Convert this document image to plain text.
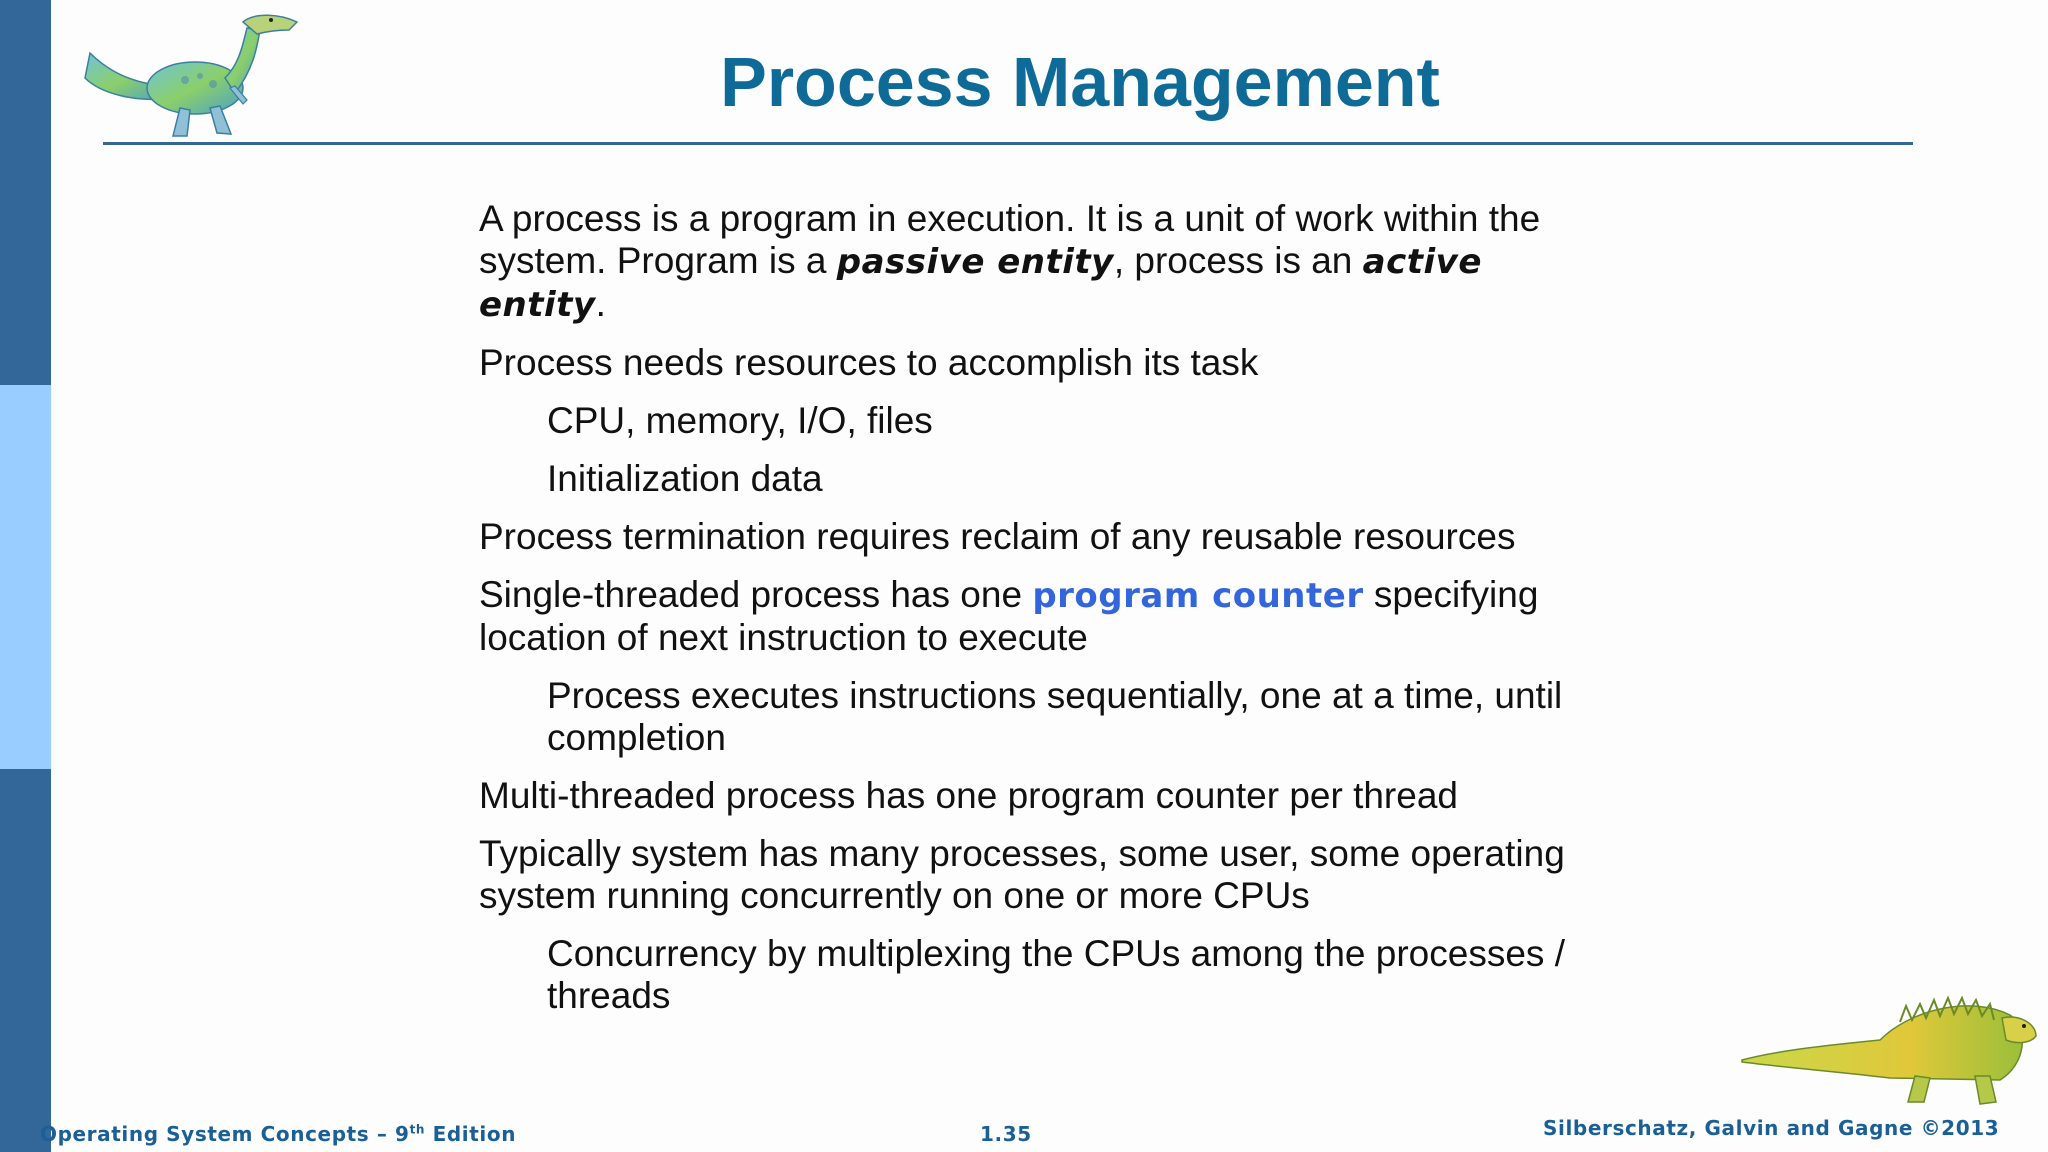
Process Management

A process is a program in execution. It is a unit of work within the system. Program is a passive entity, process is an active entity.

Process needs resources to accomplish its task

CPU, memory, I/O, files

Initialization data

Process termination requires reclaim of any reusable resources

Single-threaded process has one program counter specifying location of next instruction to execute

Process executes instructions sequentially, one at a time, until completion

Multi-threaded process has one program counter per thread

Typically system has many processes, some user, some operating system running concurrently on one or more CPUs

Concurrency by multiplexing the CPUs among the processes / threads

Operating System Concepts – 9th Edition	1.35	Silberschatz, Galvin and Gagne ©2013
